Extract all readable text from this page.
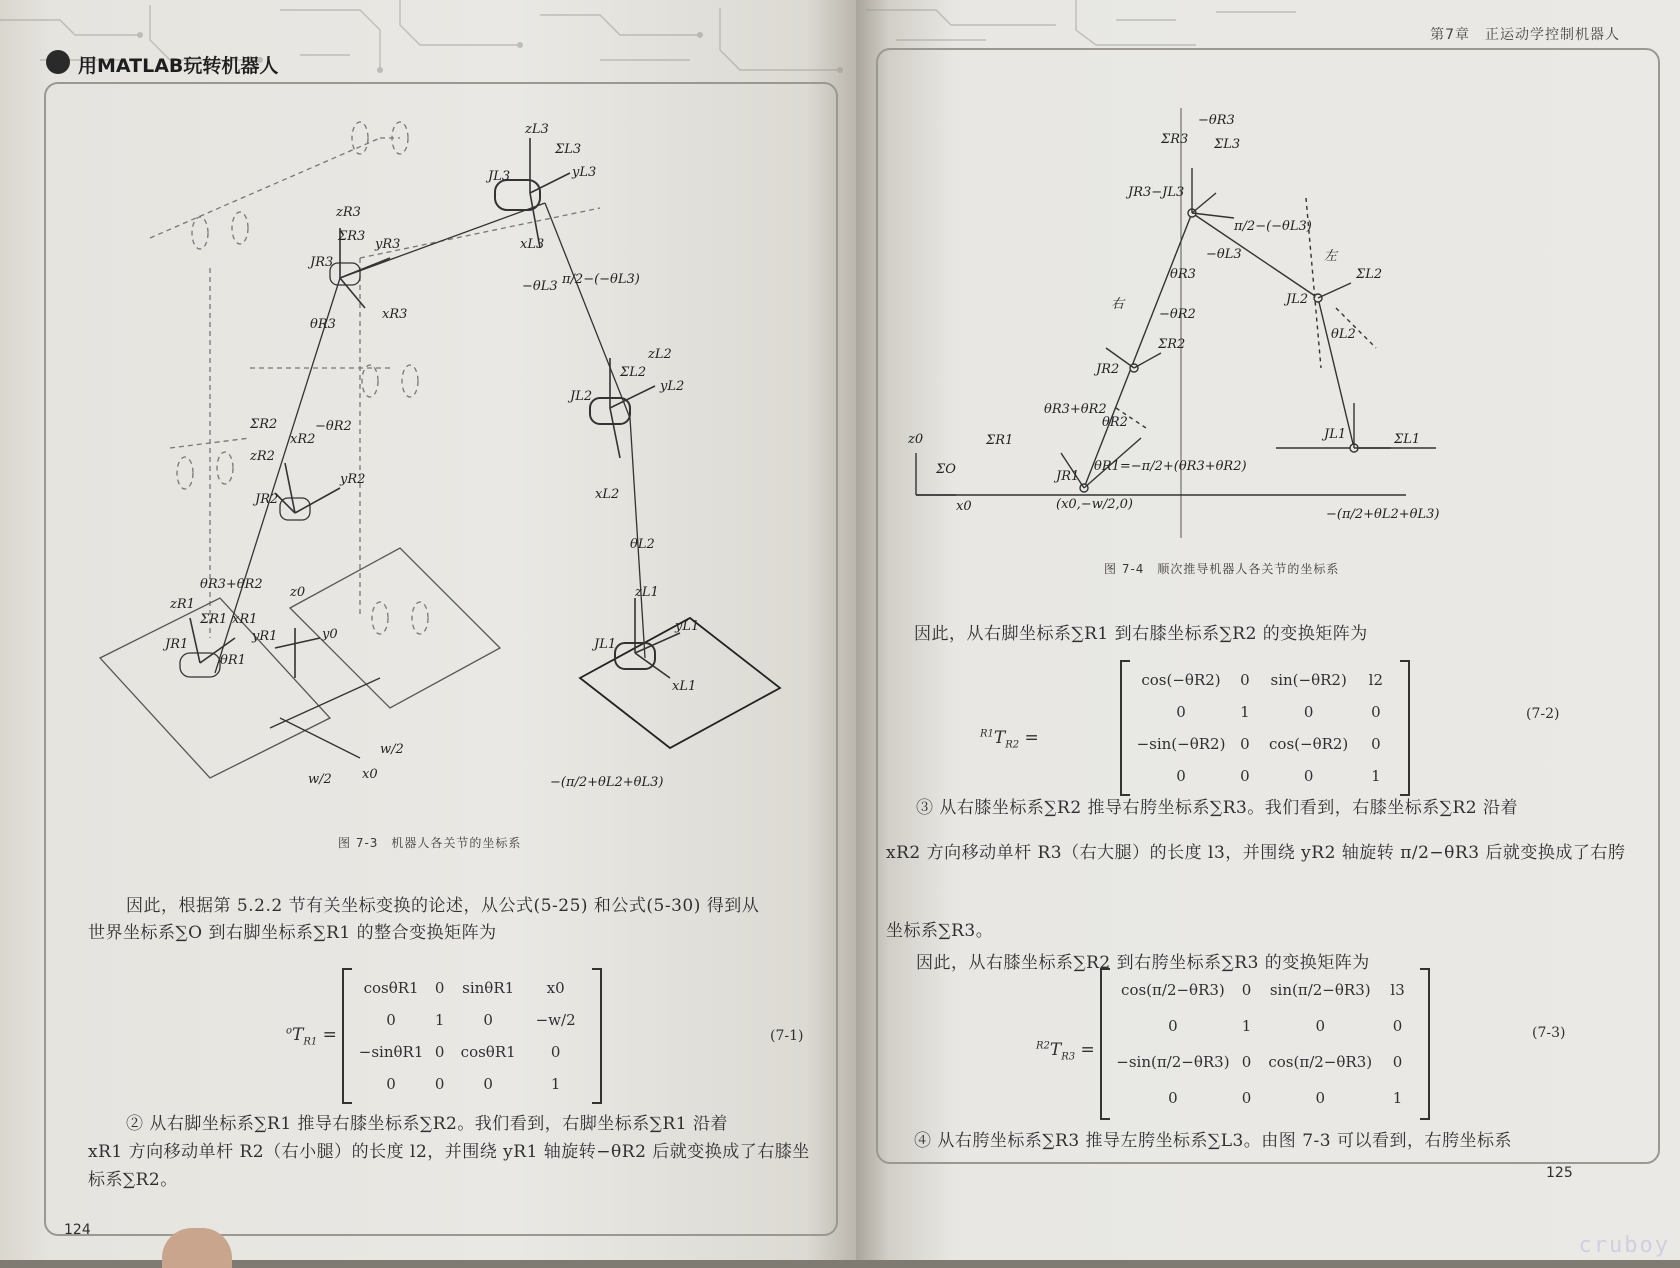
用MATLAB玩转机器人
zL3
ΣL3
JL3	yL3
xL3
π/2−(−θL3)
−θL3
zR3
ΣR3
JR3
yR3
xR3
θR3
ΣR2
xR2
zR2
−θR2
JR2
yR2
θR3+θR2
zR1
ΣR1 xR1
JR1
yR1
θR1
z0
y0
x0
w/2
w/2
ΣL2
zL2
JL2
yL2
xL2
θL2
zL1
JL1
yL1
xL1
−(π/2+θL2+θL3)
图 7-3　机器人各关节的坐标系
因此，根据第 5.2.2 节有关坐标变换的论述，从公式(5-25) 和公式(5-30) 得到从
世界坐标系∑O 到右脚坐标系∑R1 的整合变换矩阵为
$^oT_{R1}$ =
cosθR1	0	sinθR1	x0
0	1	0	−w/2
−sinθR1 0	cosθR1	0
0	0	0	1
(7-1)
② 从右脚坐标系∑R1 推导右膝坐标系∑R2。我们看到，右脚坐标系∑R1 沿着
xR1 方向移动单杆 R2（右小腿）的长度 l2，并围绕 yR1 轴旋转−θR2 后就变换成了右膝坐
标系∑R2。
124
第7章　正运动学控制机器人
−θR3
ΣR3 ΣL3
JR3−JL3
π/2−(−θL3)
−θL3	左
ΣL2
JL2
θL2
θR3
右
−θR2
ΣR2
JR2
θR3+θR2
θR2
z0	ΣR1
ΣO	JR1
θR1=−π/2+(θR3+θR2)
x0	(x0,−w/2,0)
JL1	ΣL1
−(π/2+θL2+θL3)
图 7-4　顺次推导机器人各关节的坐标系
因此，从右脚坐标系∑R1 到右膝坐标系∑R2 的变换矩阵为
$^{R1}T_{R2}$ =
cos(−θR2)	0	sin(−θR2)	l2
0	1	0	0
−sin(−θR2) 0	cos(−θR2)	0
0	0	0	1
(7-2)
③ 从右膝坐标系∑R2 推导右胯坐标系∑R3。我们看到，右膝坐标系∑R2 沿着
xR2 方向移动单杆 R3（右大腿）的长度 l3，并围绕 yR2 轴旋转 π/2−θR3 后就变换成了右胯
坐标系∑R3。
因此，从右膝坐标系∑R2 到右胯坐标系∑R3 的变换矩阵为
$^{R2}T_{R3}$ =
cos(π/2−θR3)	0	sin(π/2−θR3)	l3
0	1	0	0
−sin(π/2−θR3) 0	cos(π/2−θR3)	0
0	0	0	1
(7-3)
④ 从右胯坐标系∑R3 推导左胯坐标系∑L3。由图 7-3 可以看到，右胯坐标系
125
cruboy
